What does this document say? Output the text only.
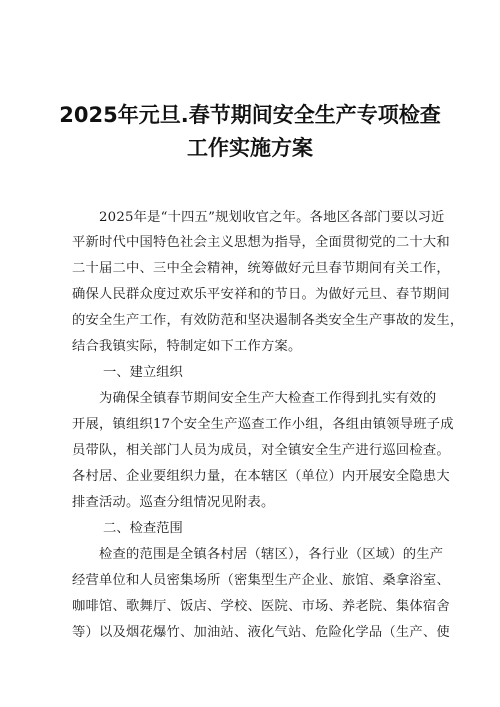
2025年元旦.春节期间安全生产专项检查
工作实施方案
　　2025年是“十四五”规划收官之年。各地区各部门要以习近
平新时代中国特色社会主义思想为指导，全面贯彻党的二十大和
二十届二中、三中全会精神，统筹做好元旦春节期间有关工作，
确保人民群众度过欢乐平安祥和的节日。为做好元旦、春节期间
的安全生产工作，有效防范和坚决遏制各类安全生产事故的发生，
结合我镇实际，特制定如下工作方案。
一、建立组织
　　为确保全镇春节期间安全生产大检查工作得到扎实有效的
开展，镇组织17个安全生产巡查工作小组，各组由镇领导班子成
员带队，相关部门人员为成员，对全镇安全生产进行巡回检查。
各村居、企业要组织力量，在本辖区（单位）内开展安全隐患大
排查活动。巡查分组情况见附表。
二、检查范围
　　检查的范围是全镇各村居（辖区），各行业（区域）的生产
经营单位和人员密集场所（密集型生产企业、旅馆、桑拿浴室、
咖啡馆、歌舞厅、饭店、学校、医院、市场、养老院、集体宿舍
等）以及烟花爆竹、加油站、液化气站、危险化学品（生产、使
